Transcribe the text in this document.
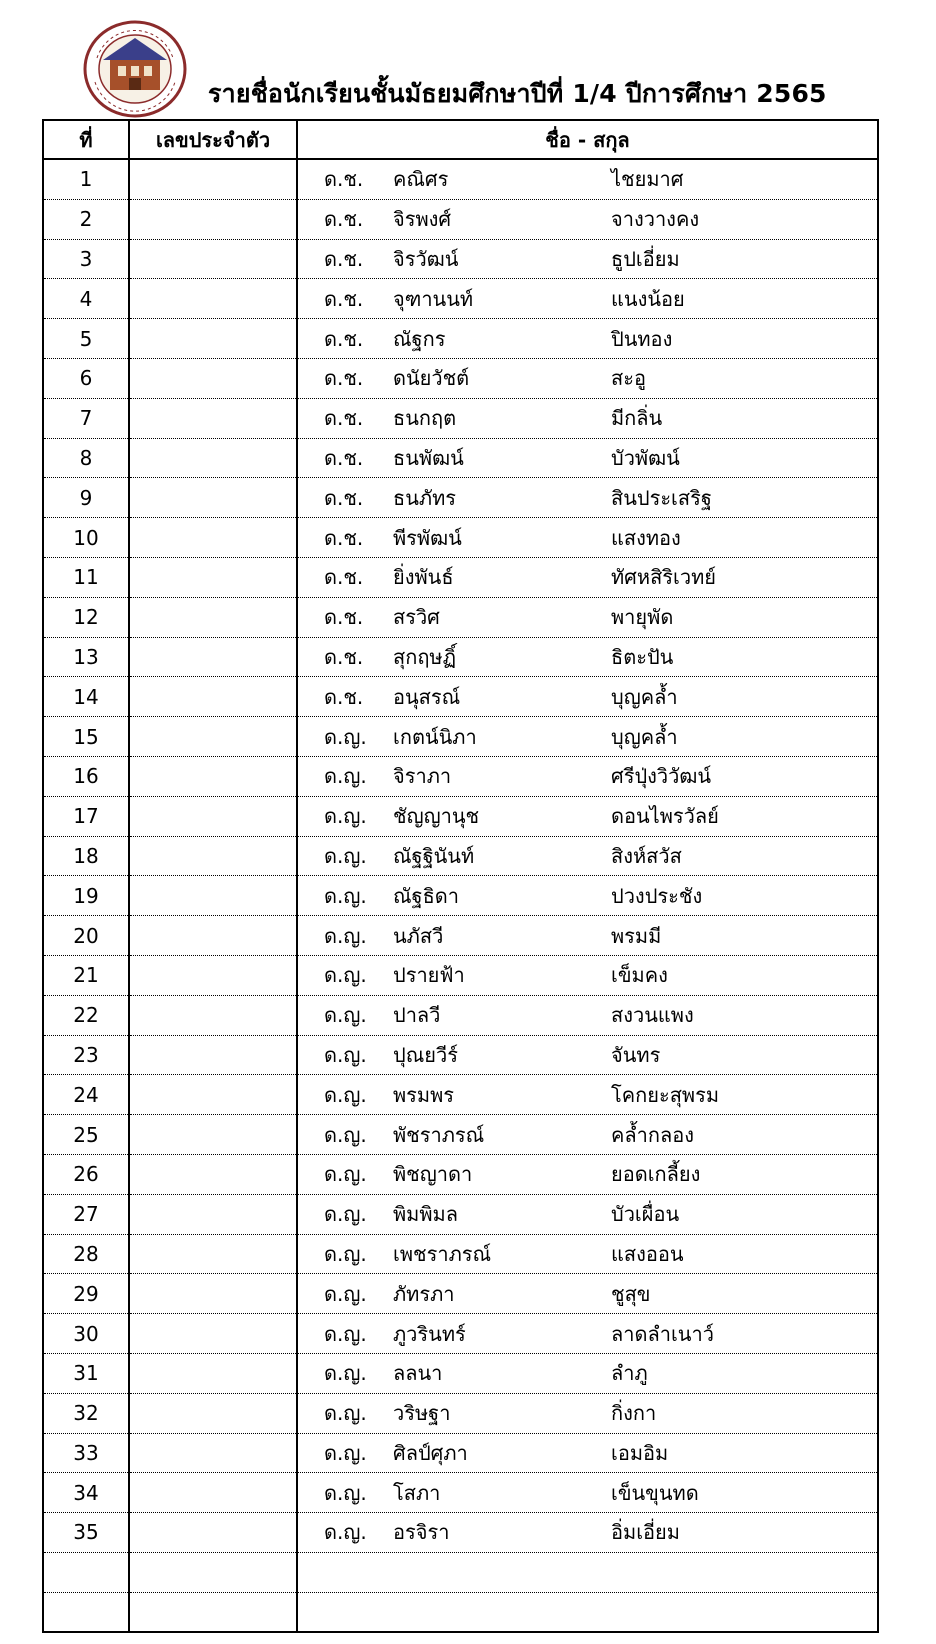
รายชื่อนักเรียนชั้นมัธยมศึกษาปีที่ 1/4 ปีการศึกษา 2565
ที่	เลขประจำตัว	ชื่อ - สกุล
1		ด.ช. คณิศร ไชยมาศ

2		ด.ช. จิรพงศ์ จางวางคง

3		ด.ช. จิรวัฒน์ ธูปเอี่ยม

4		ด.ช. จุฑานนท์ แนงน้อย

5		ด.ช. ณัฐกร ปินทอง

6		ด.ช. ดนัยวัชต์ สะอู

7		ด.ช. ธนกฤต มีกลิ่น

8		ด.ช. ธนพัฒน์ บัวพัฒน์

9		ด.ช. ธนภัทร สินประเสริฐ

10		ด.ช. พีรพัฒน์ แสงทอง

11		ด.ช. ยิ่งพันธ์ ทัศหสิริเวทย์

12		ด.ช. สรวิศ พายุพัด

13		ด.ช. สุกฤษฏิ์ ธิตะปัน

14		ด.ช. อนุสรณ์ บุญคล้ำ

15		ด.ญ. เกตน์นิภา บุญคล้ำ

16		ด.ญ. จิราภา ศรีปุ่งวิวัฒน์

17		ด.ญ. ชัญญานุช ดอนไพรวัลย์

18		ด.ญ. ณัฐฐินันท์ สิงห์สวัส

19		ด.ญ. ณัฐธิดา ปวงประชัง

20		ด.ญ. นภัสวี พรมมี

21		ด.ญ. ปรายฟ้า เข็มคง

22		ด.ญ. ปาลวี สงวนแพง

23		ด.ญ. ปุณยวีร์ จันทร

24		ด.ญ. พรมพร โคกยะสุพรม

25		ด.ญ. พัชราภรณ์ คล้ำกลอง

26		ด.ญ. พิชญาดา ยอดเกลี้ยง

27		ด.ญ. พิมพิมล บัวเผื่อน

28		ด.ญ. เพชราภรณ์ แสงออน

29		ด.ญ. ภัทรภา ชูสุข

30		ด.ญ. ภูวรินทร์ ลาดลำเนาว์

31		ด.ญ. ลลนา ลำภู

32		ด.ญ. วริษฐา กิ่งกา

33		ด.ญ. ศิลป์ศุภา เอมอิม

34		ด.ญ. โสภา เข็นขุนทด

35		ด.ญ. อรจิรา อิ่มเอี่ยม
